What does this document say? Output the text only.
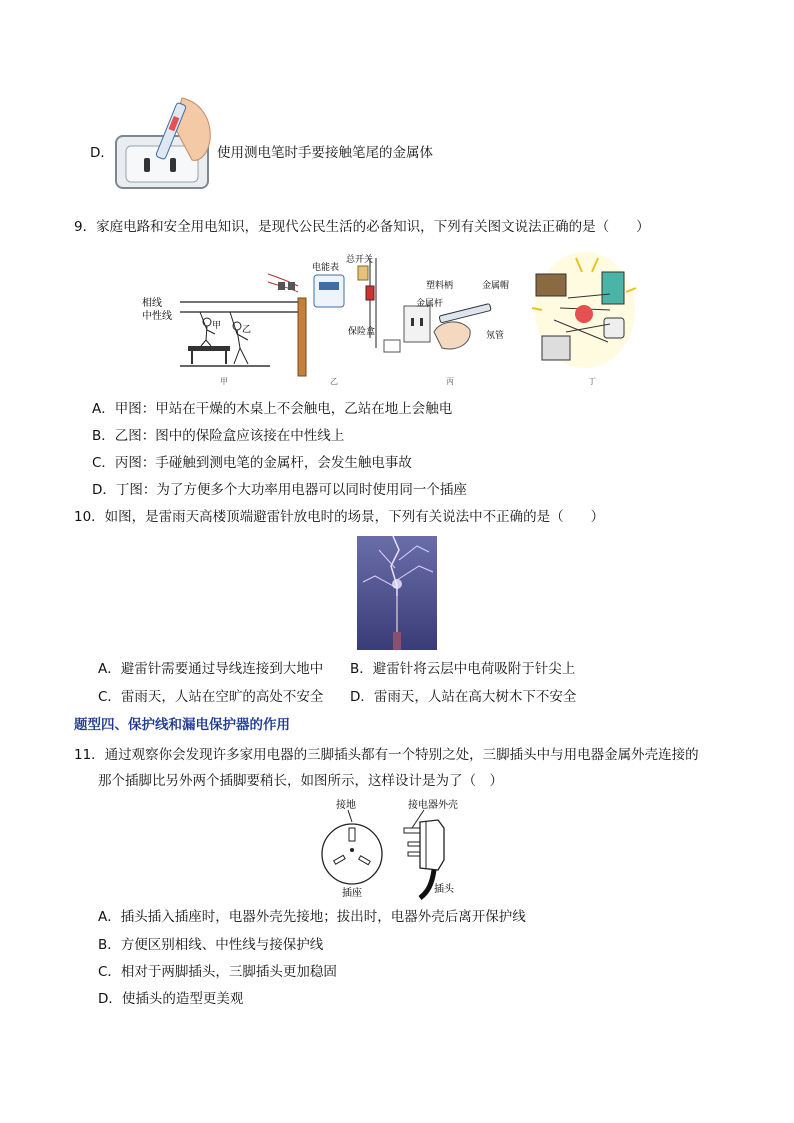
D．	使用测电笔时手要接触笔尾的金属体
9．家庭电路和安全用电知识，是现代公民生活的必备知识，下列有关图文说法正确的是（　　）
相线
中性线
甲 乙
甲
电能表
总开关
保险盒
乙
塑料柄	金属帽
金属杆
氖管
丙	丁
A．甲图：甲站在干燥的木桌上不会触电，乙站在地上会触电
B．乙图：图中的保险盒应该接在中性线上
C．丙图：手碰触到测电笔的金属杆，会发生触电事故
D．丁图：为了方便多个大功率用电器可以同时使用同一个插座
10．如图，是雷雨天高楼顶端避雷针放电时的场景，下列有关说法中不正确的是（　　）
A．避雷针需要通过导线连接到大地中 B．避雷针将云层中电荷吸附于针尖上
C．雷雨天，人站在空旷的高处不安全 D．雷雨天，人站在高大树木下不安全
题型四、保护线和漏电保护器的作用
11．通过观察你会发现许多家用电器的三脚插头都有一个特别之处，三脚插头中与用电器金属外壳连接的
那个插脚比另外两个插脚要稍长，如图所示，这样设计是为了（　）
接地
插座
接电器外壳
插头
A．插头插入插座时，电器外壳先接地；拔出时，电器外壳后离开保护线
B．方便区别相线、中性线与接保护线
C．相对于两脚插头，三脚插头更加稳固
D．使插头的造型更美观
